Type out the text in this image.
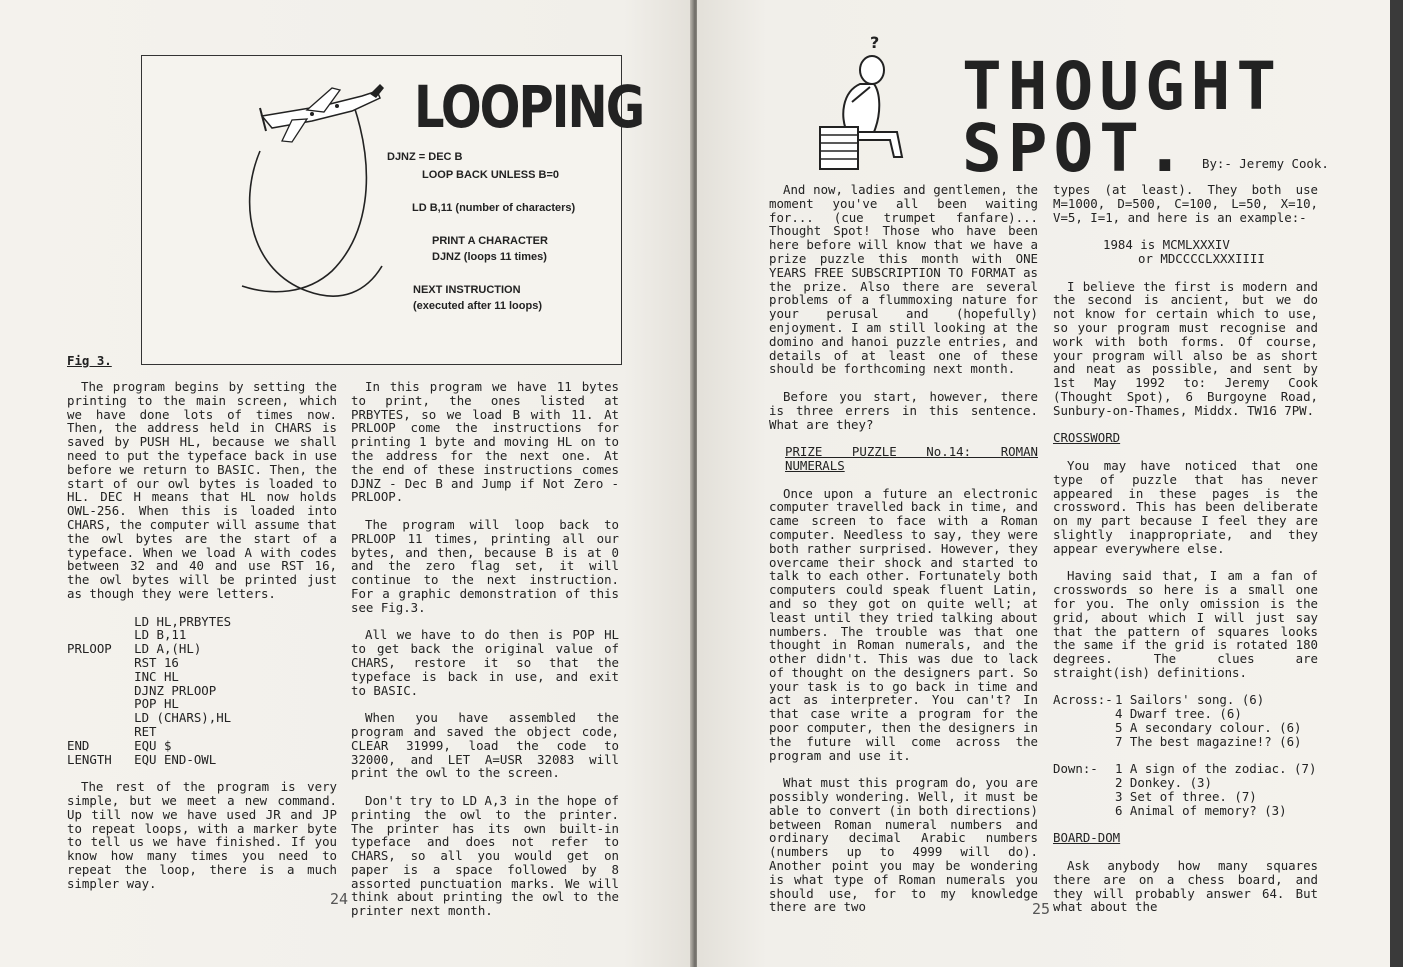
LOOPING
DJNZ = DEC B
LOOP BACK UNLESS B=0
LD B,11 (number of characters)
PRINT A CHARACTER
DJNZ (loops 11 times)
NEXT INSTRUCTION
(executed after 11 loops)
Fig 3.

The program begins by setting the printing to the main screen, which we have done lots of times now. Then, the address held in CHARS is saved by PUSH HL, because we shall need to put the typeface back in use before we return to BASIC. Then, the start of our owl bytes is loaded to HL. DEC H means that HL now holds OWL-256. When this is loaded into CHARS, the computer will assume that the owl bytes are the start of a typeface. When we load A with codes between 32 and 40 and use RST 16, the owl bytes will be printed just as though they were letters.

LD HL,PRBYTES
LD B,11
PRLOOP   LD A,(HL)
RST 16
INC HL
DJNZ PRLOOP
POP HL
LD (CHARS),HL
RET
END      EQU $
LENGTH   EQU END-OWL

The rest of the program is very simple, but we meet a new command. Up till now we have used JR and JP to repeat loops, with a marker byte to tell us we have finished. If you know how many times you need to repeat the loop, there is a much simpler way.

In this program we have 11 bytes to print, the ones listed at PRBYTES, so we load B with 11. At PRLOOP come the instructions for printing 1 byte and moving HL on to the address for the next one. At the end of these instructions comes DJNZ - Dec B and Jump if Not Zero - PRLOOP.

The program will loop back to PRLOOP 11 times, printing all our bytes, and then, because B is at 0 and the zero flag set, it will continue to the next instruction. For a graphic demonstration of this see Fig.3.

All we have to do then is POP HL to get back the original value of CHARS, restore it so that the typeface is back in use, and exit to BASIC.

When you have assembled the program and saved the object code, CLEAR 31999, load the code to 32000, and LET A=USR 32083 will print the owl to the screen.

Don't try to LD A,3 in the hope of printing the owl to the printer. The printer has its own built-in typeface and does not refer to CHARS, so all you would get on paper is a space followed by 8 assorted punctuation marks. We will think about printing the owl to the printer next month.

24
?
THOUGHT
SPOT. By:- Jeremy Cook.

And now, ladies and gentlemen, the moment you've all been waiting for... (cue trumpet fanfare)... Thought Spot! Those who have been here before will know that we have a prize puzzle this month with ONE YEARS FREE SUBSCRIPTION TO FORMAT as the prize. Also there are several problems of a flummoxing nature for your perusal and (hopefully) enjoyment. I am still looking at the domino and hanoi puzzle entries, and details of at least one of these should be forthcoming next month.

Before you start, however, there is three errers in this sentence. What are they?

PRIZE PUZZLE No.14: ROMAN NUMERALS

Once upon a future an electronic computer travelled back in time, and came screen to face with a Roman computer. Needless to say, they were both rather surprised. However, they overcame their shock and started to talk to each other. Fortunately both computers could speak fluent Latin, and so they got on quite well; at least until they tried talking about numbers. The trouble was that one thought in Roman numerals, and the other didn't. This was due to lack of thought on the designers part. So your task is to go back in time and act as interpreter. You can't? In that case write a program for the poor computer, then the designers in the future will come across the program and use it.

What must this program do, you are possibly wondering. Well, it must be able to convert (in both directions) between Roman numeral numbers and ordinary decimal Arabic numbers (numbers up to 4999 will do). Another point you may be wondering is what type of Roman numerals you should use, for to my knowledge there are two

types (at least). They both use M=1000, D=500, C=100, L=50, X=10, V=5, I=1, and here is an example:-

1984 is MCMLXXXIV
or MDCCCCLXXXIIII

I believe the first is modern and the second is ancient, but we do not know for certain which to use, so your program must recognise and work with both forms. Of course, your program will also be as short and neat as possible, and sent by 1st May 1992 to: Jeremy Cook (Thought Spot), 6 Burgoyne Road, Sunbury-on-Thames, Middx. TW16 7PW.

CROSSWORD

You may have noticed that one type of puzzle that has never appeared in these pages is the crossword. This has been deliberate on my part because I feel they are slightly inappropriate, and they appear everywhere else.

Having said that, I am a fan of crosswords so here is a small one for you. The only omission is the grid, about which I will just say that the pattern of squares looks the same if the grid is rotated 180 degrees. The clues are straight(ish) definitions.

Across:- 1 Sailors' song. (6)
4 Dwarf tree. (6)
5 A secondary colour. (6)
7 The best magazine!? (6)
Down:-	1 A sign of the zodiac. (7)
2 Donkey. (3)
3 Set of three. (7)
6 Animal of memory? (3)
BOARD-DOM

Ask anybody how many squares there are on a chess board, and they will probably answer 64. But what about the

25
